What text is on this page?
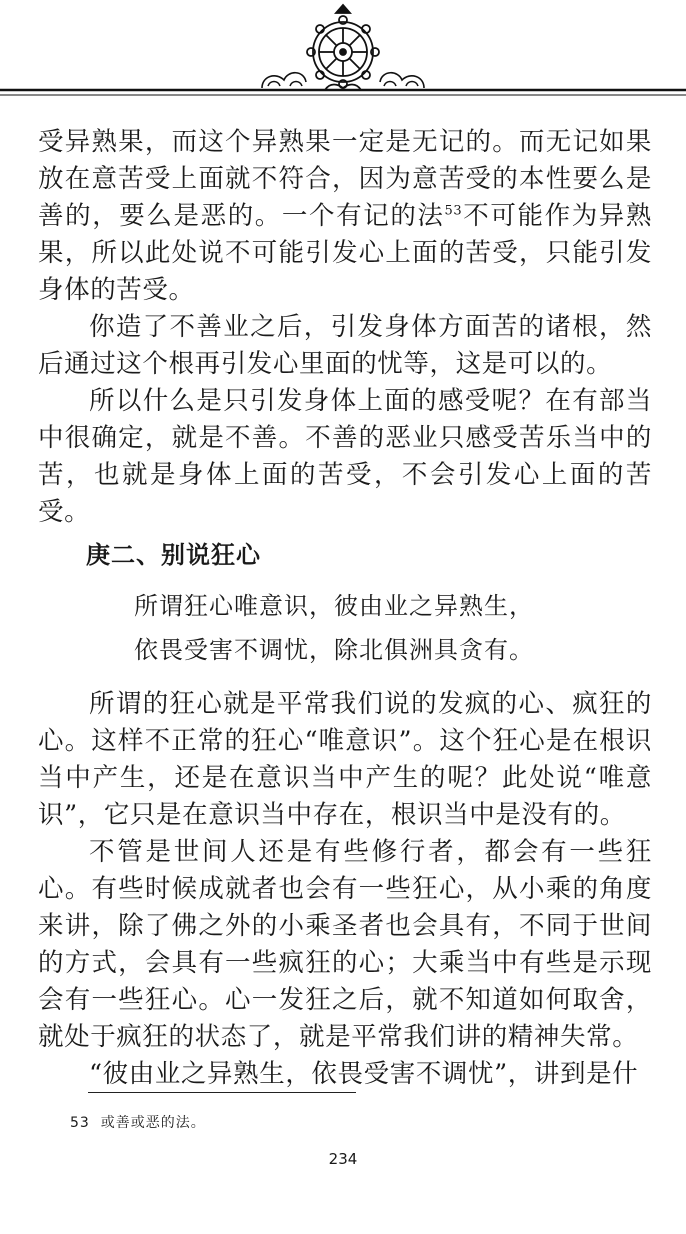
受异熟果，而这个异熟果一定是无记的。而无记如果放在意苦受上面就不符合，因为意苦受的本性要么是善的，要么是恶的。一个有记的法$^{53}$不可能作为异熟果，所以此处说不可能引发心上面的苦受，只能引发身体的苦受。

你造了不善业之后，引发身体方面苦的诸根，然后通过这个根再引发心里面的忧等，这是可以的。

所以什么是只引发身体上面的感受呢？在有部当中很确定，就是不善。不善的恶业只感受苦乐当中的苦，也就是身体上面的苦受，不会引发心上面的苦受。

庚二、别说狂心

所谓狂心唯意识，彼由业之异熟生，

依畏受害不调忧，除北俱洲具贪有。

所谓的狂心就是平常我们说的发疯的心、疯狂的心。这样不正常的狂心“唯意识”。这个狂心是在根识当中产生，还是在意识当中产生的呢？此处说“唯意识”，它只是在意识当中存在，根识当中是没有的。

不管是世间人还是有些修行者，都会有一些狂心。有些时候成就者也会有一些狂心，从小乘的角度来讲，除了佛之外的小乘圣者也会具有，不同于世间的方式，会具有一些疯狂的心；大乘当中有些是示现会有一些狂心。心一发狂之后，就不知道如何取舍，就处于疯狂的状态了，就是平常我们讲的精神失常。

“彼由业之异熟生，依畏受害不调忧”，讲到是什

53 或善或恶的法。
234
